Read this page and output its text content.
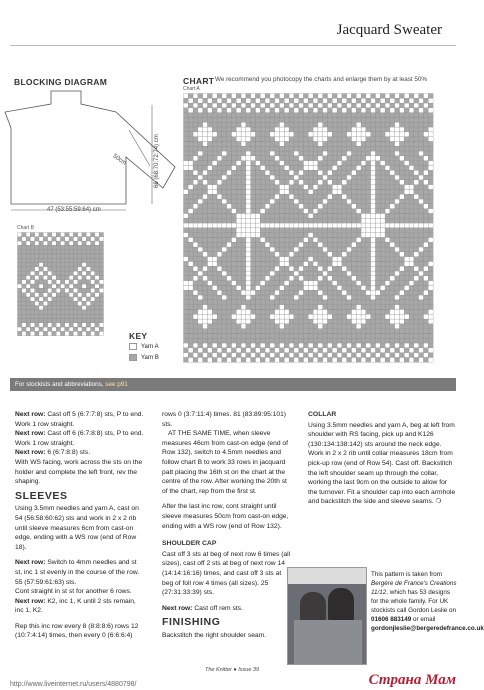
Jacquard Sweater
BLOCKING DIAGRAM
47 (53:55:59:64) cm
66 (68:70:72:74) cm
50cm
CHART We recommend you photocopy the charts and enlarge them by at least 50%
Chart A
Chart B
KEY
Yarn A
Yarn B
For stockists and abbreviations, see p91

Next row: Cast off 5 (6:7:7:8) sts, P to end. Work 1 row straight.

Next row: Cast off 6 (6:7:8:8) sts, P to end. Work 1 row straight.

Next row: 6 (6:7:8:8) sts.

With WS facing, work across the sts on the holder and complete the left front, rev the shaping.

SLEEVES

Using 3.5mm needles and yarn A, cast on 54 (56:58:60:62) sts and work in 2 x 2 rib until sleeve measures 6cm from cast-on edge, ending with a WS row (end of Row 18).

Next row: Switch to 4mm needles and st st, inc 1 st evenly in the course of the row. 55 (57:59:61:63) sts.

Cont straight in st st for another 6 rows.

Next row: K2, inc 1, K until 2 sts remain, inc 1, K2.

Rep this inc row every 8 (8:8:8:6) rows 12 (10:7:4:14) times, then every 0 (6:6:6:4)

rows 0 (3:7:11:4) times. 81 (83:89:95:101) sts.

AT THE SAME TIME, when sleeve measures 46cm from cast-on edge (end of Row 132), switch to 4.5mm needles and follow chart B to work 33 rows in jacquard patt placing the 16th st on the chart at the centre of the row. After working the 20th st of the chart, rep from the first st.

After the last inc row, cont straight until sleeve measures 50cm from cast-on edge, ending with a WS row (end of Row 132).

SHOULDER CAP

Cast off 3 sts at beg of next row 6 times (all sizes), cast off 2 sts at beg of next row 14 (14:14:16:16) times, and cast off 3 sts at beg of foll row 4 times (all sizes). 25 (27:31:33:39) sts.

Next row: Cast off rem sts.

FINISHING

Backstitch the right shoulder seam.

COLLAR

Using 3.5mm needles and yarn A, beg at left from shoulder with RS facing, pick up and K126 (130:134:138:142) sts around the neck edge.

Work in 2 x 2 rib until collar measures 18cm from pick-up row (end of Row 54). Cast off. Backstitch the left shoulder seam up through the collar, working the last 9cm on the outside to allow for the turnover. Fit a shoulder cap into each armhole and backstitch the side and sleeve seams. ❍

This pattern is taken from Bergère de France's Creations 11/12, which has 53 designs for the whole family. For UK stockists call Gordon Leslie on 01606 883149 or email gordonjleslie@bergeredefrance.co.uk
The Knitter ● Issue 39
http://www.liveinternet.ru/users/4880798/	Страна Мам
